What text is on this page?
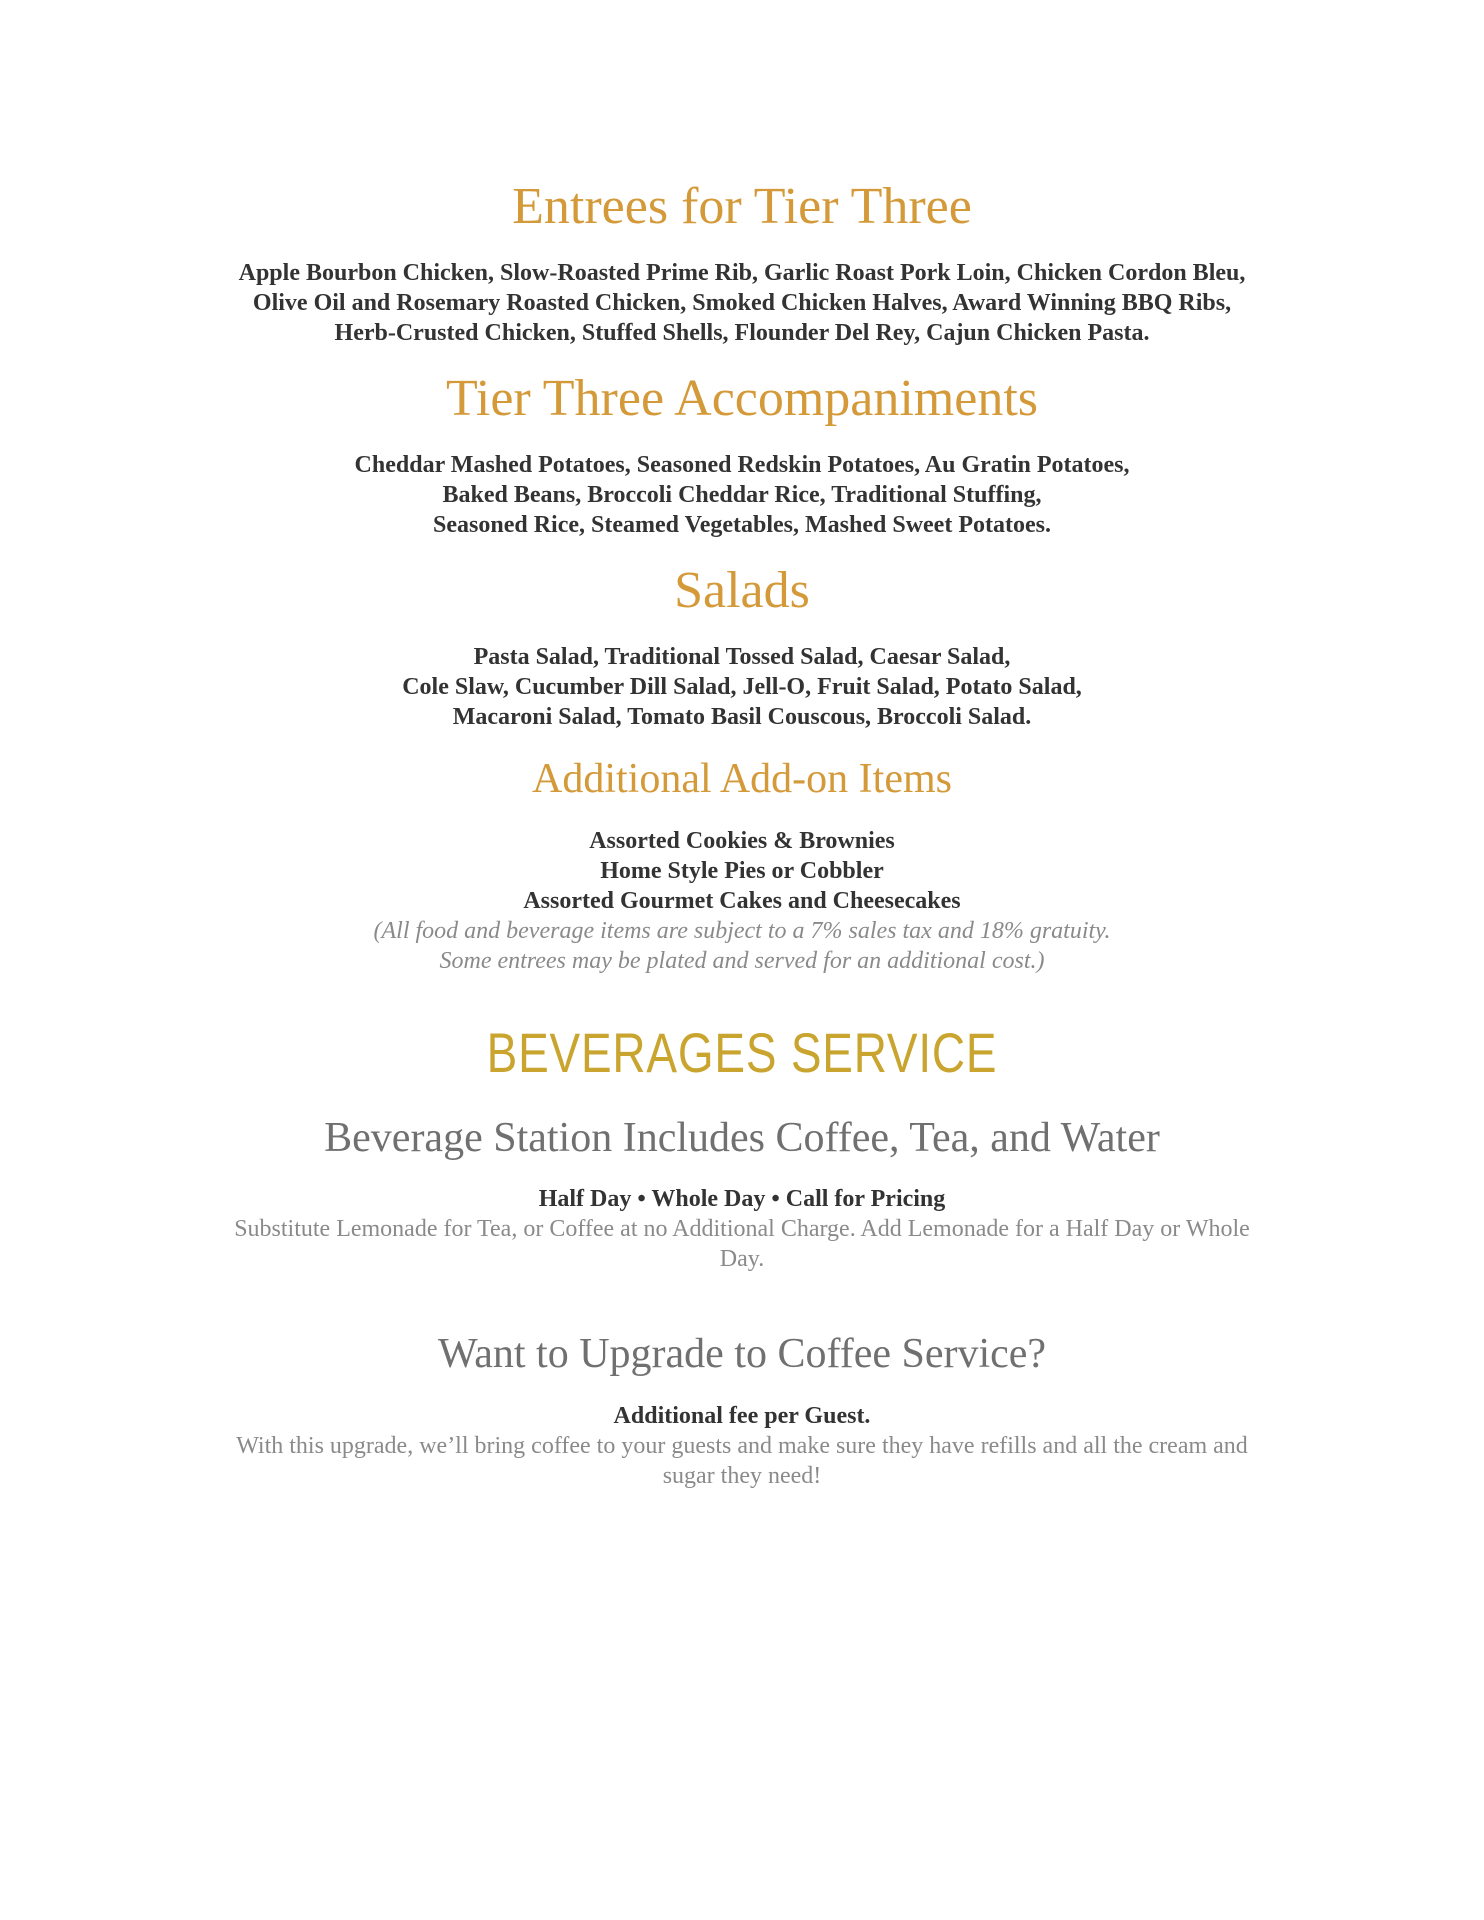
Entrees for Tier Three

Apple Bourbon Chicken, Slow-Roasted Prime Rib, Garlic Roast Pork Loin, Chicken Cordon Bleu,
Olive Oil and Rosemary Roasted Chicken, Smoked Chicken Halves, Award Winning BBQ Ribs,
Herb-Crusted Chicken, Stuffed Shells, Flounder Del Rey, Cajun Chicken Pasta.

Tier Three Accompaniments

Cheddar Mashed Potatoes, Seasoned Redskin Potatoes, Au Gratin Potatoes,
Baked Beans, Broccoli Cheddar Rice, Traditional Stuffing,
Seasoned Rice, Steamed Vegetables, Mashed Sweet Potatoes.

Salads

Pasta Salad, Traditional Tossed Salad, Caesar Salad,
Cole Slaw, Cucumber Dill Salad, Jell-O, Fruit Salad, Potato Salad,
Macaroni Salad, Tomato Basil Couscous, Broccoli Salad.

Additional Add-on Items

Assorted Cookies & Brownies
Home Style Pies or Cobbler
Assorted Gourmet Cakes and Cheesecakes

(All food and beverage items are subject to a 7% sales tax and 18% gratuity.
Some entrees may be plated and served for an additional cost.)

BEVERAGES SERVICE
Beverage Station Includes Coffee, Tea, and Water

Half Day • Whole Day • Call for Pricing

Substitute Lemonade for Tea, or Coffee at no Additional Charge. Add Lemonade for a Half Day or Whole
Day.

Want to Upgrade to Coffee Service?

Additional fee per Guest.

With this upgrade, we’ll bring coffee to your guests and make sure they have refills and all the cream and
sugar they need!
